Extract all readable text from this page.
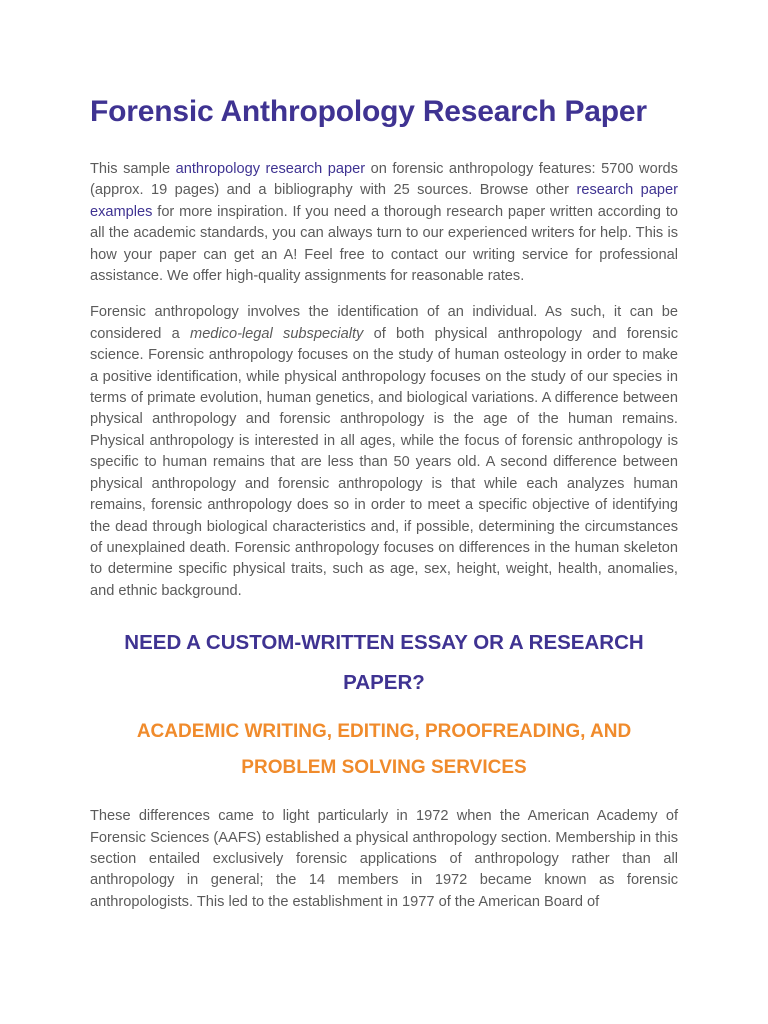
Forensic Anthropology Research Paper

This sample anthropology research paper on forensic anthropology features: 5700 words (approx. 19 pages) and a bibliography with 25 sources. Browse other research paper examples for more inspiration. If you need a thorough research paper written according to all the academic standards, you can always turn to our experienced writers for help. This is how your paper can get an A! Feel free to contact our writing service for professional assistance. We offer high-quality assignments for reasonable rates.

Forensic anthropology involves the identification of an individual. As such, it can be considered a medico-legal subspecialty of both physical anthropology and forensic science. Forensic anthropology focuses on the study of human osteology in order to make a positive identification, while physical anthropology focuses on the study of our species in terms of primate evolution, human genetics, and biological variations. A difference between physical anthropology and forensic anthropology is the age of the human remains. Physical anthropology is interested in all ages, while the focus of forensic anthropology is specific to human remains that are less than 50 years old. A second difference between physical anthropology and forensic anthropology is that while each analyzes human remains, forensic anthropology does so in order to meet a specific objective of identifying the dead through biological characteristics and, if possible, determining the circumstances of unexplained death. Forensic anthropology focuses on differences in the human skeleton to determine specific physical traits, such as age, sex, height, weight, health, anomalies, and ethnic background.

NEED A CUSTOM-WRITTEN ESSAY OR A RESEARCH PAPER?
ACADEMIC WRITING, EDITING, PROOFREADING, AND PROBLEM SOLVING SERVICES

These differences came to light particularly in 1972 when the American Academy of Forensic Sciences (AAFS) established a physical anthropology section. Membership in this section entailed exclusively forensic applications of anthropology rather than all anthropology in general; the 14 members in 1972 became known as forensic anthropologists. This led to the establishment in 1977 of the American Board of
